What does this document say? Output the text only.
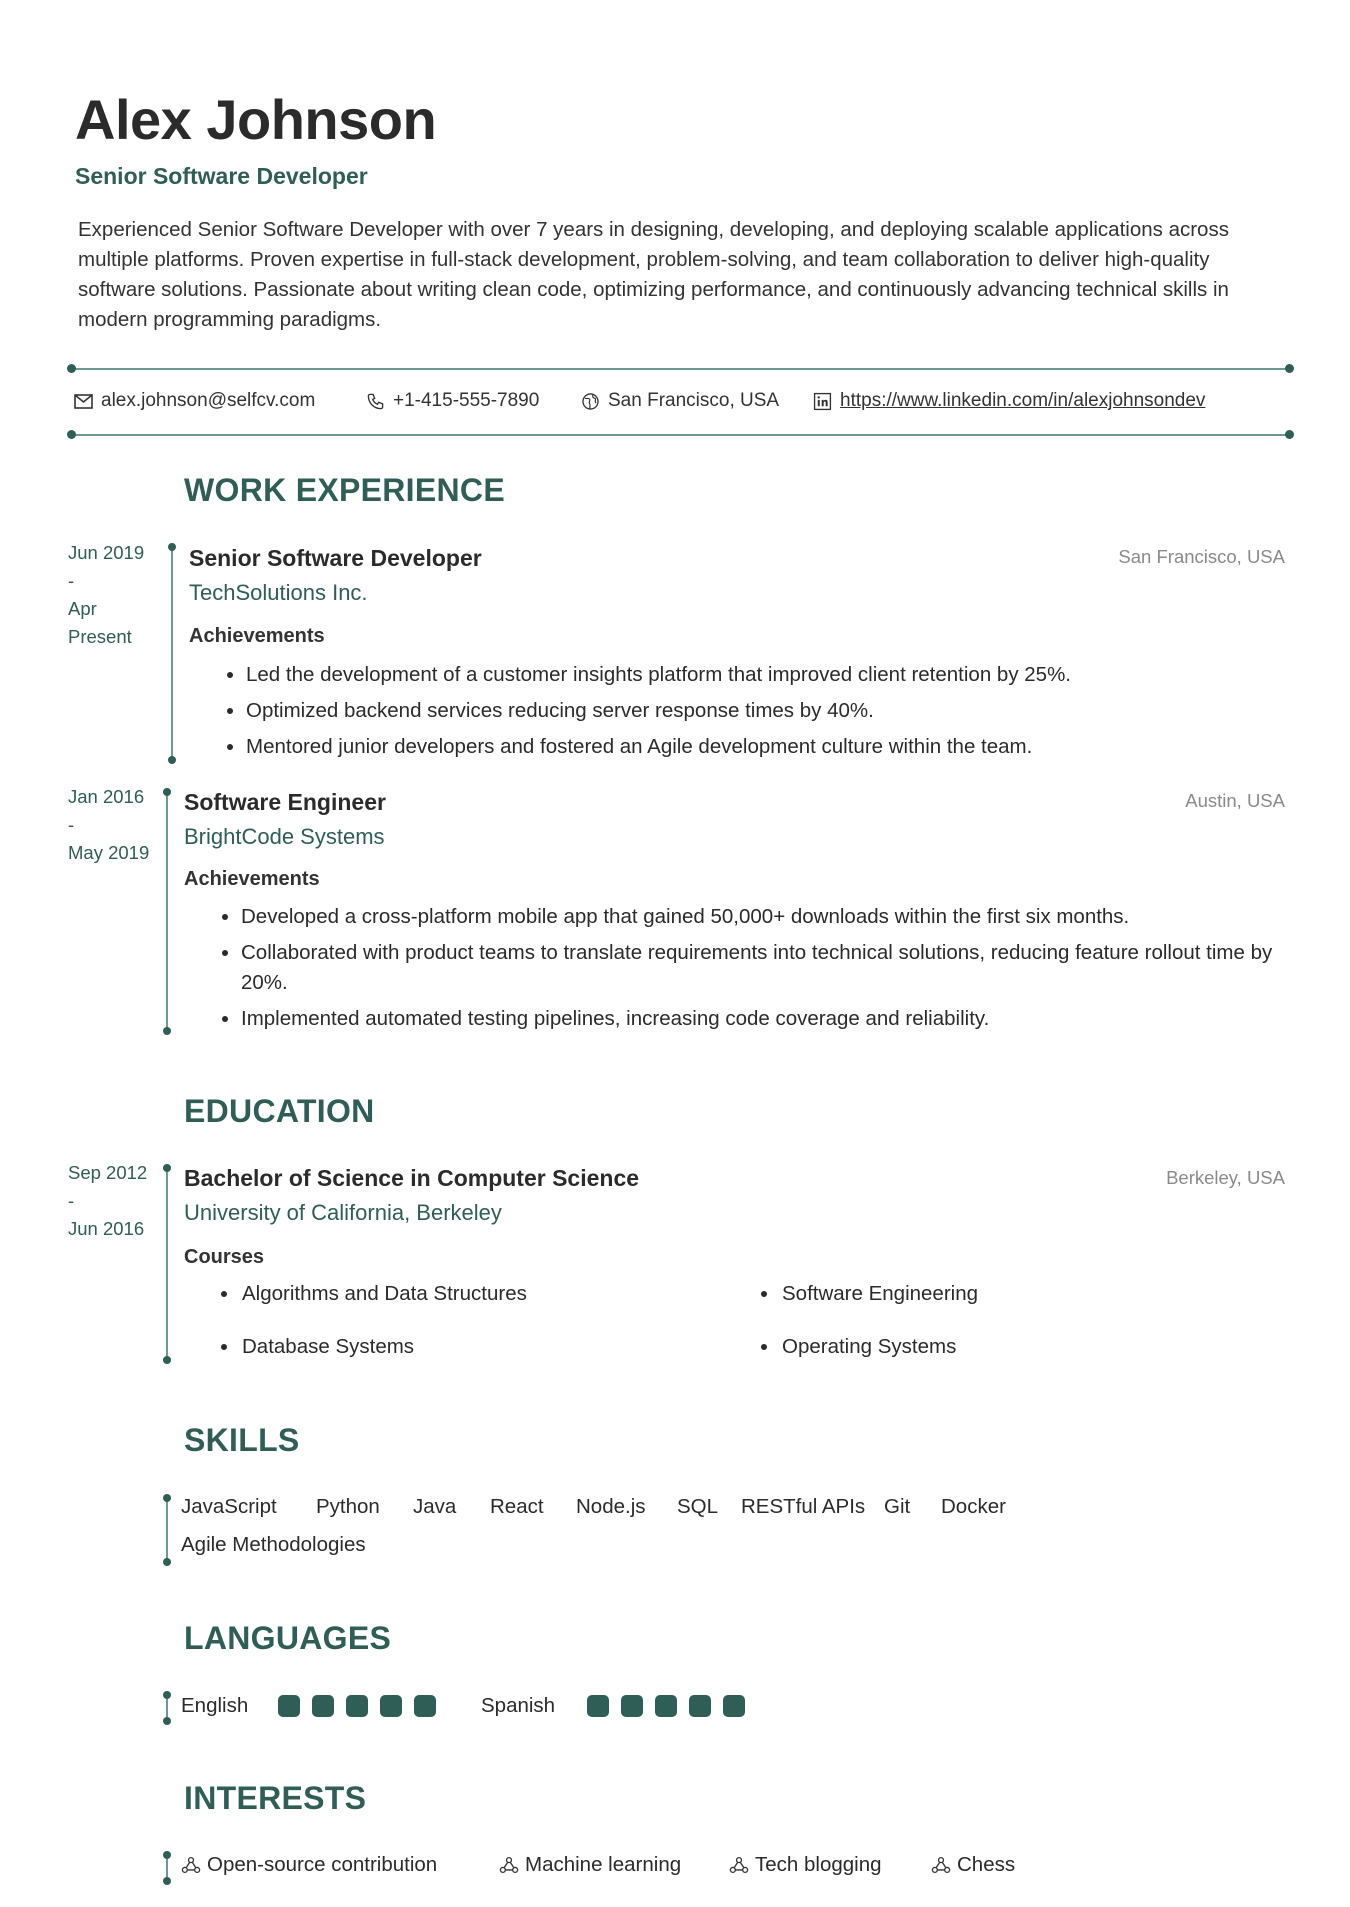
Alex Johnson
Senior Software Developer
Experienced Senior Software Developer with over 7 years in designing, developing, and deploying scalable applications across multiple platforms. Proven expertise in full-stack development, problem-solving, and team collaboration to deliver high-quality software solutions. Passionate about writing clean code, optimizing performance, and continuously advancing technical skills in modern programming paradigms.
alex.johnson@selfcv.com	+1-415-555-7890	San Francisco, USA	https://www.linkedin.com/in/alexjohnsondev
WORK EXPERIENCE
Jun 2019
-
Apr
Present
Senior Software Developer	San Francisco, USA
TechSolutions Inc.
Achievements
Led the development of a customer insights platform that improved client retention by 25%.
Optimized backend services reducing server response times by 40%.
Mentored junior developers and fostered an Agile development culture within the team.
Jan 2016
-
May 2019
Software Engineer	Austin, USA
BrightCode Systems
Achievements
Developed a cross-platform mobile app that gained 50,000+ downloads within the first six months.
Collaborated with product teams to translate requirements into technical solutions, reducing feature rollout time by 20%.
Implemented automated testing pipelines, increasing code coverage and reliability.
EDUCATION
Sep 2012
-
Jun 2016
Bachelor of Science in Computer Science	Berkeley, USA
University of California, Berkeley
Courses
Algorithms and Data Structures	Software Engineering
Database Systems	Operating Systems
SKILLS
JavaScript Python Java React Node.js SQL RESTful APIs Git Docker
Agile Methodologies
LANGUAGES
English	Spanish
INTERESTS
Open-source contribution	Machine learning	Tech blogging	Chess
